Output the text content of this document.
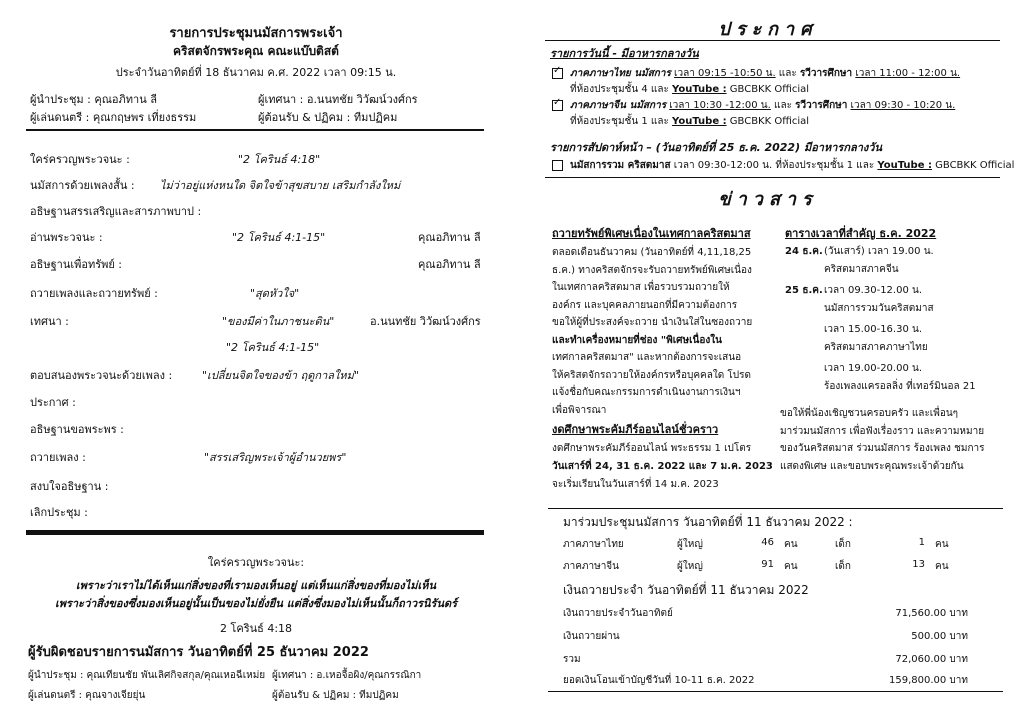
รายการประชุมนมัสการพระเจ้า
คริสตจักรพระคุณ คณะแบ๊บติสต์
ประจำวันอาทิตย์ที่ 18 ธันวาคม ค.ศ. 2022 เวลา 09:15 น.
ผู้นำประชุม : คุณอภิทาน ลี	ผู้เทศนา : อ.นนทชัย วิวัฒน์วงศ์กร
ผู้เล่นดนตรี : คุณกฤษพร เที่ยงธรรม	ผู้ต้อนรับ & ปฏิคม : ทีมปฏิคม
ใคร่ครวญพระวจนะ :	"2 โครินธ์ 4:18"
นมัสการด้วยเพลงสั้น : ไม่ว่าอยู่แห่งหนใด จิตใจข้าสุขสบาย เสริมกำลังใหม่
อธิษฐานสรรเสริญและสารภาพบาป :
อ่านพระวจนะ :	"2 โครินธ์ 4:1-15"	คุณอภิทาน ลี
อธิษฐานเพื่อทรัพย์ :	คุณอภิทาน ลี
ถวายเพลงและถวายทรัพย์ :	"สุดหัวใจ"
เทศนา :	"ของมีค่าในภาชนะดิน"	อ.นนทชัย วิวัฒน์วงศ์กร
"2 โครินธ์ 4:1-15"
ตอบสนองพระวจนะด้วยเพลง :	"เปลี่ยนจิตใจของข้า ฤดูกาลใหม่"
ประกาศ :
อธิษฐานขอพระพร :
ถวายเพลง :	"สรรเสริญพระเจ้าผู้อำนวยพร"
สงบใจอธิษฐาน :
เลิกประชุม :
ใคร่ครวญพระวจนะ:
เพราะว่าเราไม่ได้เห็นแก่สิ่งของที่เรามองเห็นอยู่ แต่เห็นแก่สิ่งของที่มองไม่เห็น
เพราะว่าสิ่งของซึ่งมองเห็นอยู่นั้นเป็นของไม่ยั่งยืน แต่สิ่งซึ่งมองไม่เห็นนั้นก็ถาวรนิรันดร์
2 โครินธ์ 4:18
ผู้รับผิดชอบรายการนมัสการ วันอาทิตย์ที่ 25 ธันวาคม 2022
ผู้นำประชุม : คุณเทียนชัย พันเลิศกิจสกุล/คุณเหอฉีเหม่ย ผู้เทศนา : อ.เหอจื้อผิง/คุณกรรณิกา
ผู้เล่นดนตรี : คุณจางเจียยุ่น	ผู้ต้อนรับ & ปฏิคม : ทีมปฏิคม
ประกาศ
รายการวันนี้ - มีอาหารกลางวัน
✓
ภาคภาษาไทย นมัสการ เวลา 09:15 -10:50 น. และ รวีวารศึกษา เวลา 11:00 - 12:00 น.
ที่ห้องประชุมชั้น 4 และ YouTube : GBCBKK Official
✓
ภาคภาษาจีน นมัสการ เวลา 10:30 -12:00 น. และ รวีวารศึกษา เวลา 09:30 - 10:20 น.
ที่ห้องประชุมชั้น 1 และ YouTube : GBCBKK Official
รายการสัปดาห์หน้า – (วันอาทิตย์ที่ 25 ธ.ค. 2022) มีอาหารกลางวัน
นมัสการรวม คริสตมาส เวลา 09:30-12:00 น. ที่ห้องประชุมชั้น 1 และ YouTube : GBCBKK Official
ข่าวสาร
ถวายทรัพย์พิเศษเนื่องในเทศกาลคริสตมาส
ตลอดเดือนธันวาคม (วันอาทิตย์ที่ 4,11,18,25
ธ.ค.) ทางคริสตจักรจะรับถวายทรัพย์พิเศษเนื่อง
ในเทศกาลคริสตมาส เพื่อรวบรวมถวายให้
องค์กร และบุคคลภายนอกที่มีความต้องการ
ขอให้ผู้ที่ประสงค์จะถวาย นำเงินใส่ในซองถวาย
และทำเครื่องหมายที่ช่อง "พิเศษเนื่องใน
เทศกาลคริสตมาส" และหากต้องการจะเสนอ
ให้คริสตจักรถวายให้องค์กรหรือบุคคลใด โปรด
แจ้งชื่อกับคณะกรรมการดำเนินงานการเงินฯ
เพื่อพิจารณา
งดศึกษาพระคัมภีร์ออนไลน์ชั่วคราว
งดศึกษาพระคัมภีร์ออนไลน์ พระธรรม 1 เปโตร
วันเสาร์ที่ 24, 31 ธ.ค. 2022 และ 7 ม.ค. 2023
จะเริ่มเรียนในวันเสาร์ที่ 14 ม.ค. 2023
ตารางเวลาที่สำคัญ ธ.ค. 2022
24 ธ.ค. (วันเสาร์) เวลา 19.00 น.
คริสตมาสภาคจีน
25 ธ.ค. เวลา 09.30-12.00 น.
นมัสการรวมวันคริสตมาส
เวลา 15.00-16.30 น.
คริสตมาสภาคภาษาไทย
เวลา 19.00-20.00 น.
ร้องเพลงแครอลลิ่ง ที่เทอร์มินอล 21
ขอให้พี่น้องเชิญชวนครอบครัว และเพื่อนๆ
มาร่วมนมัสการ เพื่อฟังเรื่องราว และความหมาย
ของวันคริสตมาส ร่วมนมัสการ ร้องเพลง ชมการ
แสดงพิเศษ และขอบพระคุณพระเจ้าด้วยกัน
มาร่วมประชุมนมัสการ วันอาทิตย์ที่ 11 ธันวาคม 2022 :
ภาคภาษาไทย	ผู้ใหญ่	46 คน	เด็ก	1 คน
ภาคภาษาจีน	ผู้ใหญ่	91 คน	เด็ก	13 คน
เงินถวายประจำ วันอาทิตย์ที่ 11 ธันวาคม 2022
เงินถวายประจำวันอาทิตย์	71,560.00 บาท
เงินถวายผ่าน	500.00 บาท
รวม	72,060.00 บาท
ยอดเงินโอนเข้าบัญชีวันที่ 10-11 ธ.ค. 2022	159,800.00 บาท
